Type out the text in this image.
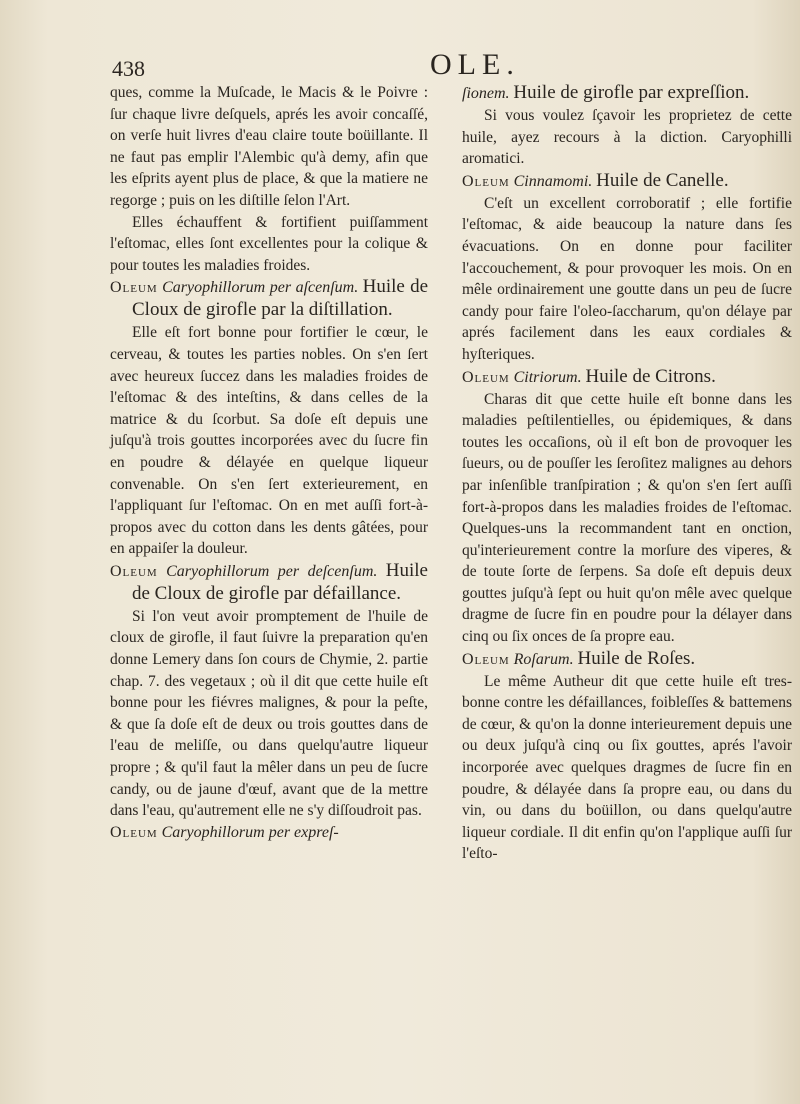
438	OLE.

ques, comme la Muſcade, le Macis & le Poivre : ſur chaque livre deſquels, aprés les avoir concaſſé, on verſe huit livres d'eau claire toute boüillante. Il ne faut pas emplir l'Alembic qu'à demy, afin que les eſprits ayent plus de place, & que la matiere ne regorge ; puis on les diſtille ſelon l'Art.

Elles échauffent & fortifient puiſſamment l'eſtomac, elles ſont excellentes pour la colique & pour toutes les maladies froides.

Oleum Caryophillorum per aſcenſum. Huile de Cloux de girofle par la diſtillation.

Elle eſt fort bonne pour fortifier le cœur, le cerveau, & toutes les parties nobles. On s'en ſert avec heureux ſuccez dans les maladies froides de l'eſtomac & des inteſtins, & dans celles de la matrice & du ſcorbut. Sa doſe eſt depuis une juſqu'à trois gouttes incorporées avec du ſucre fin en poudre & délayée en quelque liqueur convenable. On s'en ſert exterieurement, en l'appliquant ſur l'eſtomac. On en met auſſi fort-à-propos avec du cotton dans les dents gâtées, pour en appaiſer la douleur.

Oleum Caryophillorum per deſcenſum. Huile de Cloux de girofle par défaillance.

Si l'on veut avoir promptement de l'huile de cloux de girofle, il faut ſuivre la preparation qu'en donne Lemery dans ſon cours de Chymie, 2. partie chap. 7. des vegetaux ; où il dit que cette huile eſt bonne pour les fiévres malignes, & pour la peſte, & que ſa doſe eſt de deux ou trois gouttes dans de l'eau de meliſſe, ou dans quelqu'autre liqueur propre ; & qu'il faut la mêler dans un peu de ſucre candy, ou de jaune d'œuf, avant que de la mettre dans l'eau, qu'autrement elle ne s'y diſſoudroit pas.

Oleum Caryophillorum per expreſ-

ſionem. Huile de girofle par expreſſion.

Si vous voulez ſçavoir les proprietez de cette huile, ayez recours à la diction. Caryophilli aromatici.

Oleum Cinnamomi. Huile de Canelle.

C'eſt un excellent corroboratif ; elle fortifie l'eſtomac, & aide beaucoup la nature dans ſes évacuations. On en donne pour faciliter l'accouchement, & pour provoquer les mois. On en mêle ordinairement une goutte dans un peu de ſucre candy pour faire l'oleo-ſaccharum, qu'on délaye par aprés facilement dans les eaux cordiales & hyſteriques.

Oleum Citriorum. Huile de Citrons.

Charas dit que cette huile eſt bonne dans les maladies peſtilentielles, ou épidemiques, & dans toutes les occaſions, où il eſt bon de provoquer les ſueurs, ou de pouſſer les ſeroſitez malignes au dehors par inſenſible tranſpiration ; & qu'on s'en ſert auſſi fort-à-propos dans les maladies froides de l'eſtomac. Quelques-uns la recommandent tant en onction, qu'interieurement contre la morſure des viperes, & de toute ſorte de ſerpens. Sa doſe eſt depuis deux gouttes juſqu'à ſept ou huit qu'on mêle avec quelque dragme de ſucre fin en poudre pour la délayer dans cinq ou ſix onces de ſa propre eau.

Oleum Roſarum. Huile de Roſes.

Le même Autheur dit que cette huile eſt tres-bonne contre les défaillances, foibleſſes & battemens de cœur, & qu'on la donne interieurement depuis une ou deux juſqu'à cinq ou ſix gouttes, aprés l'avoir incorporée avec quelques dragmes de ſucre fin en poudre, & délayée dans ſa propre eau, ou dans du vin, ou dans du boüillon, ou dans quelqu'autre liqueur cordiale. Il dit enfin qu'on l'applique auſſi ſur l'eſto-
